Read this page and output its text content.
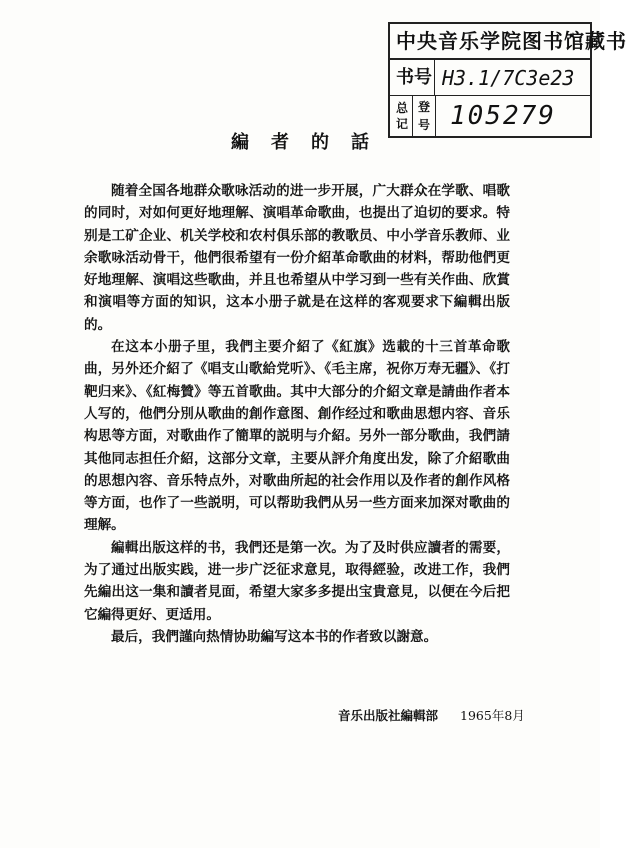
中央音乐学院图书馆藏书
书号 H3.1/7C3e23
总记
登号 105279
編者的話

随着全国各地群众歌咏活动的进一步开展，广大群众在学歌、唱歌的同时，对如何更好地理解、演唱革命歌曲，也提出了迫切的要求。特别是工矿企业、机关学校和农村俱乐部的教歌员、中小学音乐教师、业余歌咏活动骨干，他們很希望有一份介紹革命歌曲的材料，帮助他們更好地理解、演唱这些歌曲，并且也希望从中学习到一些有关作曲、欣賞和演唱等方面的知识，这本小册子就是在这样的客观要求下編輯出版的。

在这本小册子里，我們主要介紹了《紅旗》选載的十三首革命歌曲，另外还介紹了《唱支山歌給党听》、《毛主席，祝你万寿无疆》、《打靶归来》、《紅梅贊》等五首歌曲。其中大部分的介紹文章是請曲作者本人写的，他們分別从歌曲的創作意图、創作经过和歌曲思想内容、音乐构思等方面，对歌曲作了簡單的説明与介紹。另外一部分歌曲，我們請其他同志担任介紹，这部分文章，主要从評介角度出发，除了介紹歌曲的思想內容、音乐特点外，对歌曲所起的社会作用以及作者的創作风格等方面，也作了一些説明，可以帮助我們从另一些方面来加深对歌曲的理解。

編輯出版这样的书，我們还是第一次。为了及时供应讀者的需要，为了通过出版实践，进一步广泛征求意見，取得經验，改进工作，我們先編出这一集和讀者見面，希望大家多多提出宝貴意見，以便在今后把它編得更好、更适用。

最后，我們謹向热情协助編写这本书的作者致以謝意。

音乐出版社編輯部 1965年8月
